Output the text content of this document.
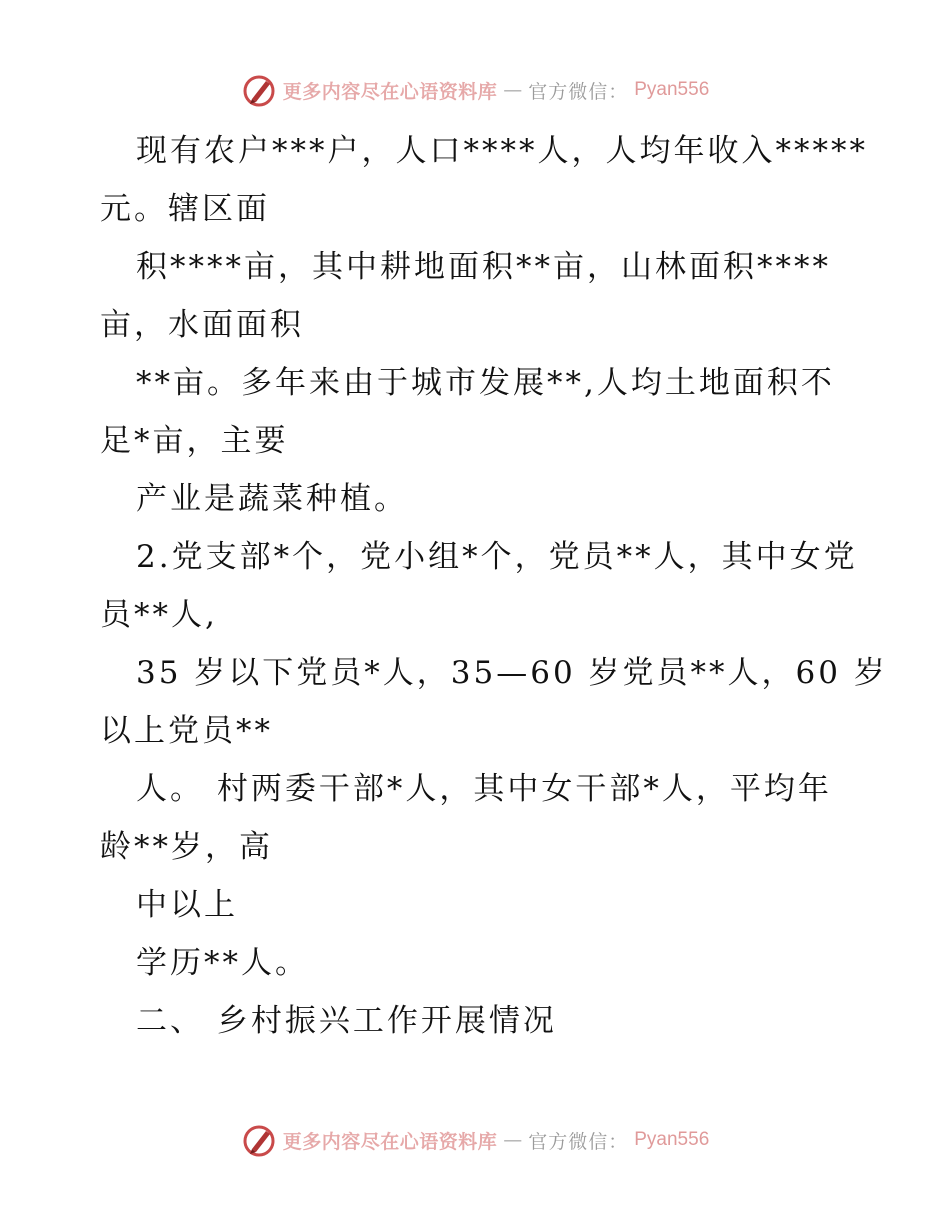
更多内容尽在心语资料库 — 官方微信： Pyan556
现有农户***户，人口****人，人均年收入*****
元。辖区面
积****亩，其中耕地面积**亩，山林面积****
亩，水面面积
**亩。多年来由于城市发展**,人均土地面积不
足*亩，主要
产业是蔬菜种植。
2.党支部*个，党小组*个，党员**人，其中女党
员**人,
35 岁以下党员*人，35—60 岁党员**人，60 岁
以上党员**
人。 村两委干部*人，其中女干部*人，平均年
龄**岁，高
中以上
学历**人。
二、 乡村振兴工作开展情况
更多内容尽在心语资料库 — 官方微信： Pyan556
